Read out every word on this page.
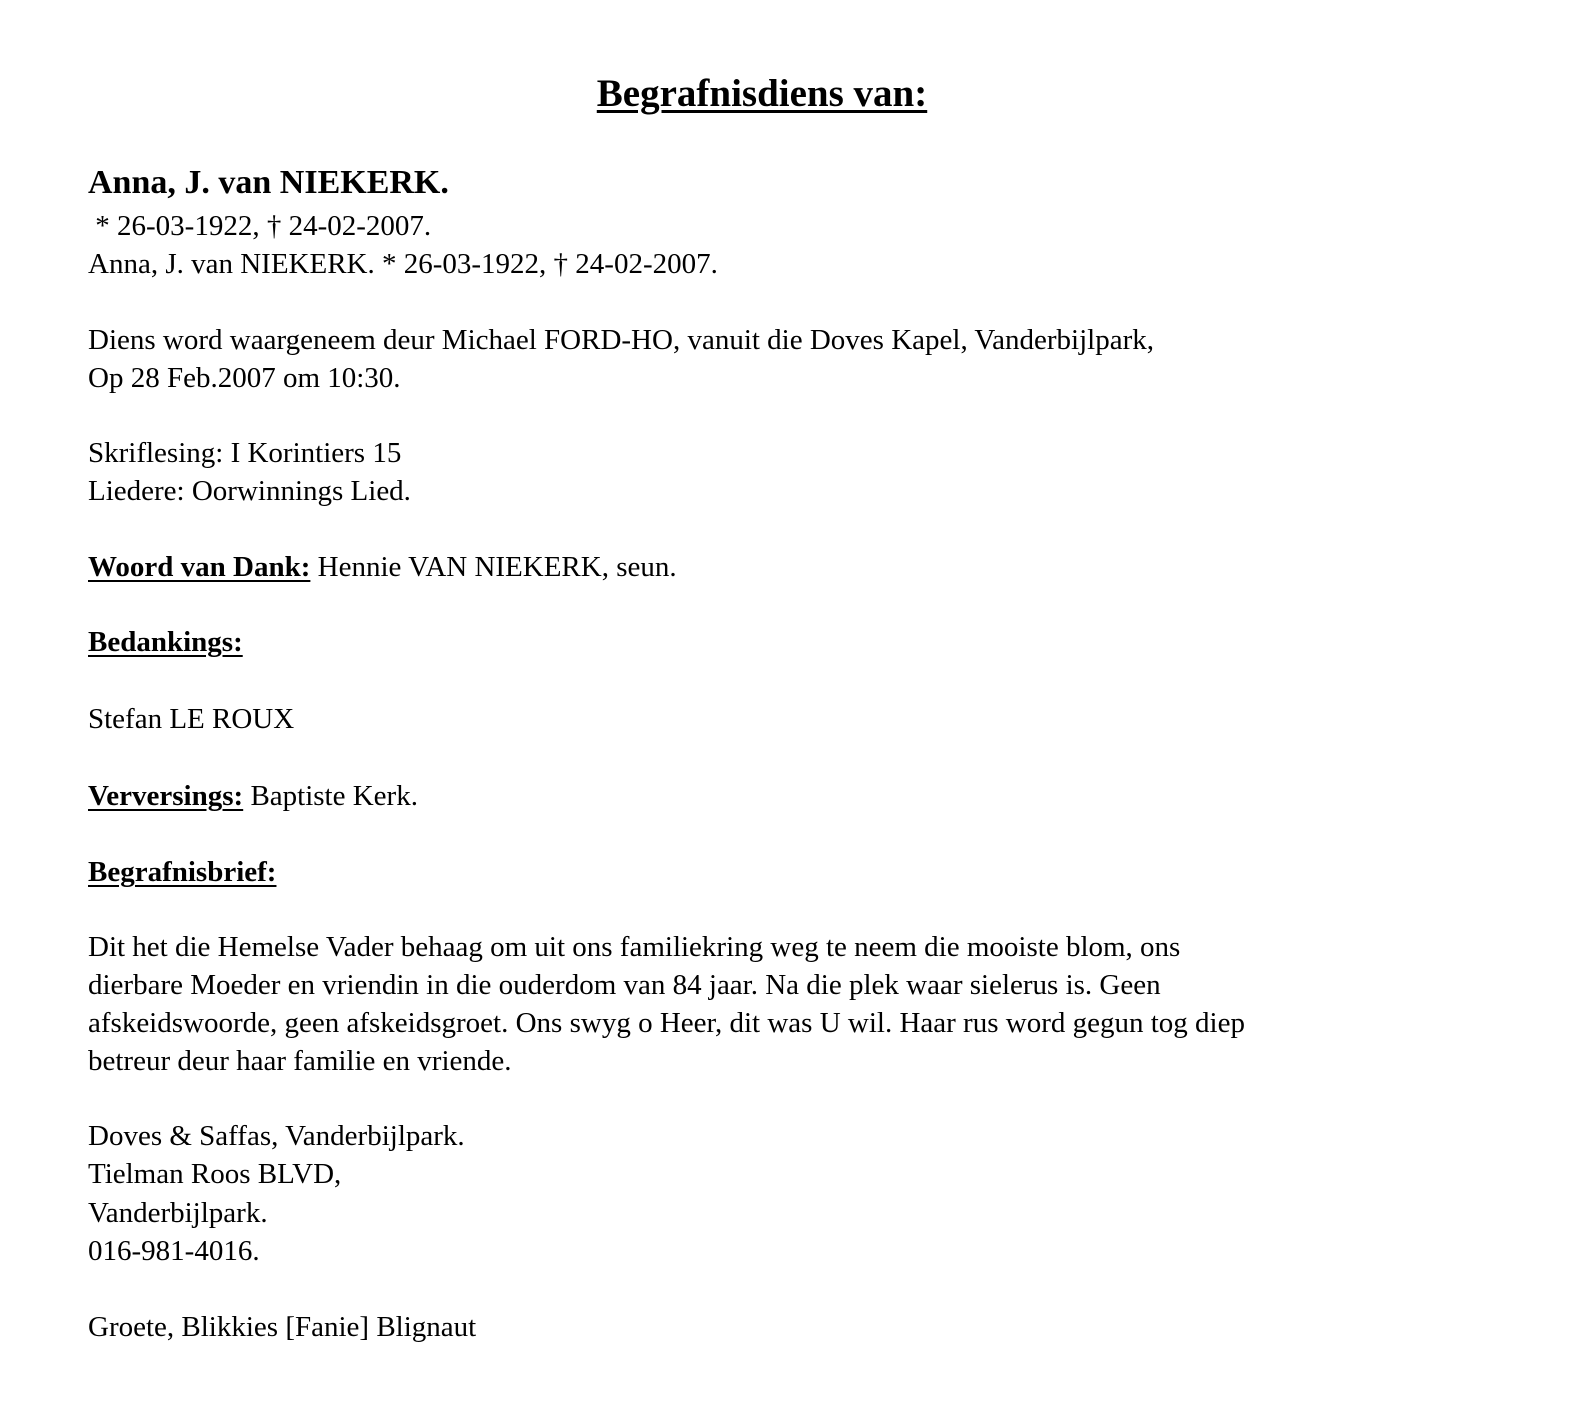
Begrafnisdiens van:
Anna, J. van NIEKERK.
* 26-03-1922, † 24-02-2007.
Anna, J. van NIEKERK. * 26-03-1922, † 24-02-2007.
Diens word waargeneem deur Michael FORD-HO, vanuit die Doves Kapel, Vanderbijlpark,
Op 28 Feb.2007 om 10:30.
Skriflesing: I Korintiers 15
Liedere: Oorwinnings Lied.
Woord van Dank: Hennie VAN NIEKERK, seun.
Bedankings:
Stefan LE ROUX
Verversings: Baptiste Kerk.
Begrafnisbrief:
Dit het die Hemelse Vader behaag om uit ons familiekring weg te neem die mooiste blom, ons
dierbare Moeder en vriendin in die ouderdom van 84 jaar. Na die plek waar sielerus is. Geen
afskeidswoorde, geen afskeidsgroet. Ons swyg o Heer, dit was U wil. Haar rus word gegun tog diep
betreur deur haar familie en vriende.
Doves & Saffas, Vanderbijlpark.
Tielman Roos BLVD,
Vanderbijlpark.
016-981-4016.
Groete, Blikkies [Fanie] Blignaut
